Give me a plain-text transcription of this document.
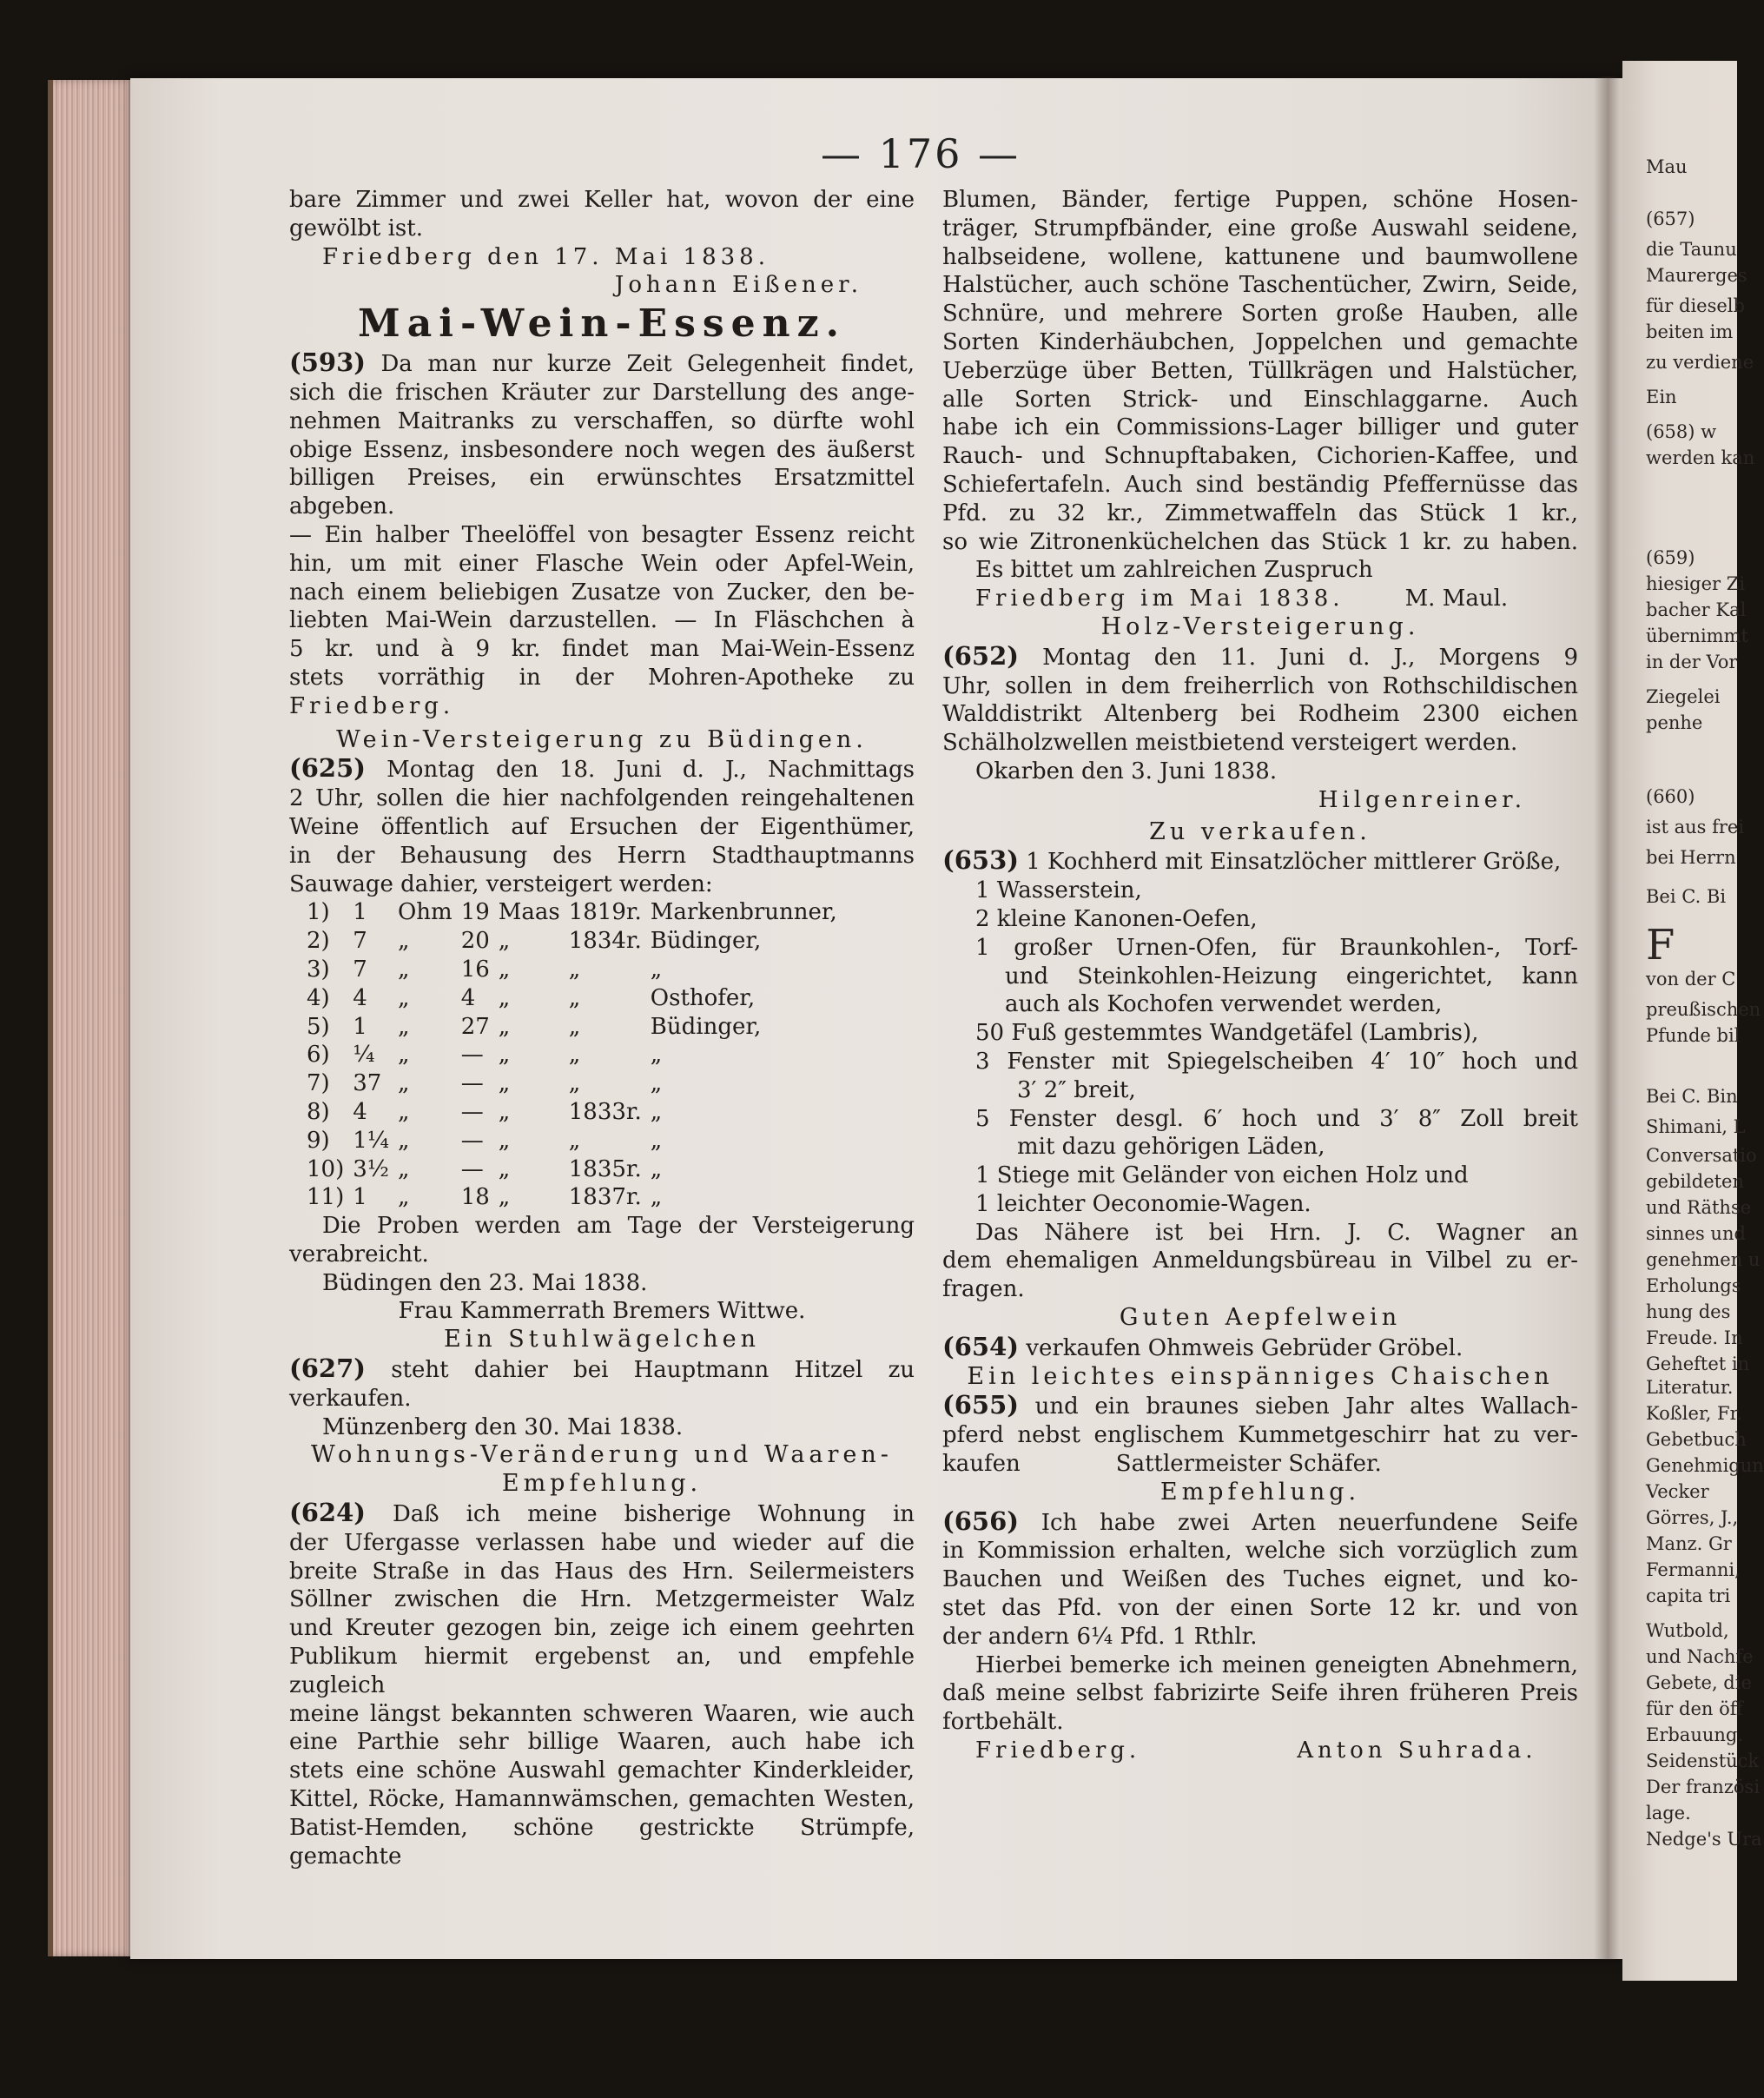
— 176 —

bare Zimmer und zwei Keller hat, wovon der eine

gewölbt ist.

Friedberg den 17. Mai 1838.

Johann Eißener.

Mai-Wein-Essenz.

(593) Da man nur kurze Zeit Gelegenheit findet,

sich die frischen Kräuter zur Darstellung des ange-

nehmen Maitranks zu verschaffen, so dürfte wohl

obige Essenz, insbesondere noch wegen des äußerst

billigen Preises, ein erwünschtes Ersatzmittel abgeben.

— Ein halber Theelöffel von besagter Essenz reicht

hin, um mit einer Flasche Wein oder Apfel-Wein,

nach einem beliebigen Zusatze von Zucker, den be-

liebten Mai-Wein darzustellen. — In Fläschchen à

5 kr. und à 9 kr. findet man Mai-Wein-Essenz

stets vorräthig in der Mohren-Apotheke zu

Friedberg.

Wein-Versteigerung zu Büdingen.

(625) Montag den 18. Juni d. J., Nachmittags

2 Uhr, sollen die hier nachfolgenden reingehaltenen

Weine öffentlich auf Ersuchen der Eigenthümer,

in der Behausung des Herrn Stadthauptmanns

Sauwage dahier, versteigert werden:

1)	1	Ohm	19	Maas	1819r.	Markenbrunner,
2)	7	„	20	„	1834r.	Büdinger,
3)	7	„	16	„	„	„
4)	4	„	4	„	„	Osthofer,
5)	1	„	27	„	„	Büdinger,
6)	¼	„	—	„	„	„
7)	37	„	—	„	„	„
8)	4	„	—	„	1833r.	„
9)	1¼	„	—	„	„	„
10)	3½	„	—	„	1835r.	„
11)	1	„	18	„	1837r.	„

Die Proben werden am Tage der Versteigerung

verabreicht.

Büdingen den 23. Mai 1838.

Frau Kammerrath Bremers Wittwe.

Ein Stuhlwägelchen

(627) steht dahier bei Hauptmann Hitzel zu

verkaufen.

Münzenberg den 30. Mai 1838.

Wohnungs-Veränderung und Waaren-

Empfehlung.

(624) Daß ich meine bisherige Wohnung in

der Ufergasse verlassen habe und wieder auf die

breite Straße in das Haus des Hrn. Seilermeisters

Söllner zwischen die Hrn. Metzgermeister Walz

und Kreuter gezogen bin, zeige ich einem geehrten

Publikum hiermit ergebenst an, und empfehle zugleich

meine längst bekannten schweren Waaren, wie auch

eine Parthie sehr billige Waaren, auch habe ich

stets eine schöne Auswahl gemachter Kinderkleider,

Kittel, Röcke, Hamannwämschen, gemachten Westen,

Batist-Hemden, schöne gestrickte Strümpfe, gemachte

Blumen, Bänder, fertige Puppen, schöne Hosen-

träger, Strumpfbänder, eine große Auswahl seidene,

halbseidene, wollene, kattunene und baumwollene

Halstücher, auch schöne Taschentücher, Zwirn, Seide,

Schnüre, und mehrere Sorten große Hauben, alle

Sorten Kinderhäubchen, Joppelchen und gemachte

Ueberzüge über Betten, Tüllkrägen und Halstücher,

alle Sorten Strick- und Einschlaggarne. Auch

habe ich ein Commissions-Lager billiger und guter

Rauch- und Schnupftabaken, Cichorien-Kaffee, und

Schiefertafeln. Auch sind beständig Pfeffernüsse das

Pfd. zu 32 kr., Zimmetwaffeln das Stück 1 kr.,

so wie Zitronenküchelchen das Stück 1 kr. zu haben.

Es bittet um zahlreichen Zuspruch

Friedberg im Mai 1838.	M. Maul.

Holz-Versteigerung.

(652) Montag den 11. Juni d. J., Morgens 9

Uhr, sollen in dem freiherrlich von Rothschildischen

Walddistrikt Altenberg bei Rodheim 2300 eichen

Schälholzwellen meistbietend versteigert werden.

Okarben den 3. Juni 1838.

Hilgenreiner.

Zu verkaufen.

(653) 1 Kochherd mit Einsatzlöcher mittlerer Größe,

1 Wasserstein,

2 kleine Kanonen-Oefen,

1 großer Urnen-Ofen, für Braunkohlen-, Torf-

und Steinkohlen-Heizung eingerichtet, kann

auch als Kochofen verwendet werden,

50 Fuß gestemmtes Wandgetäfel (Lambris),

3 Fenster mit Spiegelscheiben 4′ 10″ hoch und

3′ 2″ breit,

5 Fenster desgl. 6′ hoch und 3′ 8″ Zoll breit

mit dazu gehörigen Läden,

1 Stiege mit Geländer von eichen Holz und

1 leichter Oeconomie-Wagen.

Das Nähere ist bei Hrn. J. C. Wagner an

dem ehemaligen Anmeldungsbüreau in Vilbel zu er-

fragen.

Guten Aepfelwein

(654) verkaufen Ohmweis Gebrüder Gröbel.

Ein leichtes einspänniges Chaischen

(655) und ein braunes sieben Jahr altes Wallach-

pferd nebst englischem Kummetgeschirr hat zu ver-

kaufen	Sattlermeister Schäfer.

Empfehlung.

(656) Ich habe zwei Arten neuerfundene Seife

in Kommission erhalten, welche sich vorzüglich zum

Bauchen und Weißen des Tuches eignet, und ko-

stet das Pfd. von der einen Sorte 12 kr. und von

der andern 6¼ Pfd. 1 Rthlr.

Hierbei bemerke ich meinen geneigten Abnehmern,

daß meine selbst fabrizirte Seife ihren früheren Preis

fortbehält.

Friedberg.	Anton Suhrada.

Mau
(657)
die Taunu
Maurerges
für dieselb
beiten im
zu verdiene
Ein
(658) w
werden kan
(659)
hiesiger Zi
bacher Kal
übernimmt
in der Vor
Ziegelei
penhe
(660)
ist aus frei
bei Herrn
Bei C. Bi
F
von der C
preußischen
Pfunde bil
Bei C. Bin
Shimani, L
Conversatio
gebildeten
und Räthse
sinnes und
genehmen u
Erholungs
hung des
Freude. In
Geheftet in
Literatur.
Koßler, Fr.
Gebetbuch
Genehmigun
Vecker
Görres, J.,
Manz. Gr
Fermanni,
capita tri
Wutbold,
und Nachfe
Gebete, die
für den öff
Erbauung.
Seidenstück
Der französi
lage.
Nedge's Ura
